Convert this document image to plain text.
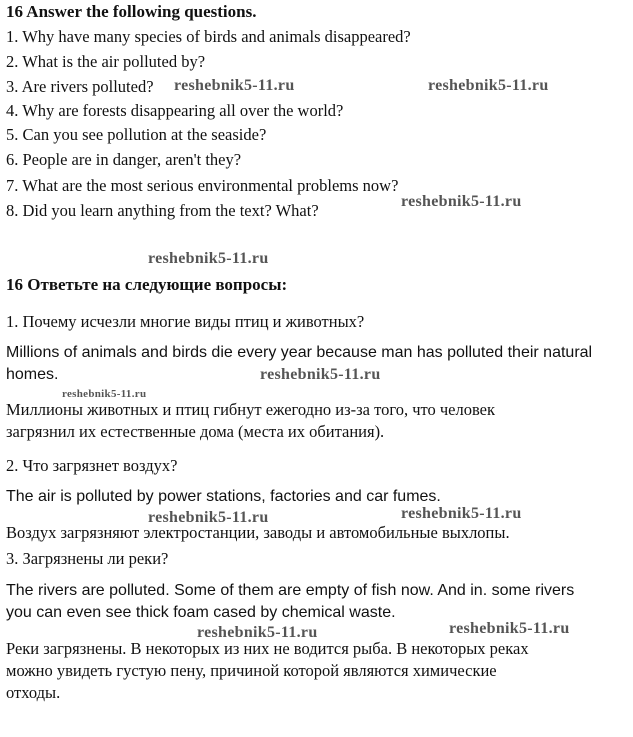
16 Answer the following questions.
1. Why have many species of birds and animals disappeared?
2. What is the air polluted by?
3. Are rivers polluted?
4. Why are forests disappearing all over the world?
5. Can you see pollution at the seaside?
6. People are in danger, aren't they?
7. What are the most serious environmental problems now?
8. Did you learn anything from the text? What?
reshebnik5-11.ru	reshebnik5-11.ru
reshebnik5-11.ru
reshebnik5-11.ru
16 Ответьте на следующие вопросы:
1. Почему исчезли многие виды птиц и животных?
Millions of animals and birds die every year because man has polluted their natural
homes.	reshebnik5-11.ru
reshebnik5-11.ru
Миллионы животных и птиц гибнут ежегодно из-за того, что человек
загрязнил их естественные дома (места их обитания).
2. Что загрязнет воздух?
The air is polluted by power stations, factories and car fumes.
reshebnik5-11.ru	reshebnik5-11.ru
Воздух загрязняют электростанции, заводы и автомобильные выхлопы.
3. Загрязнены ли реки?
The rivers are polluted. Some of them are empty of fish now. And in. some rivers
you can even see thick foam cased by chemical waste.
reshebnik5-11.ru	reshebnik5-11.ru
Реки загрязнены. В некоторых из них не водится рыба. В некоторых реках
можно увидеть густую пену, причиной которой являются химические
отходы.
